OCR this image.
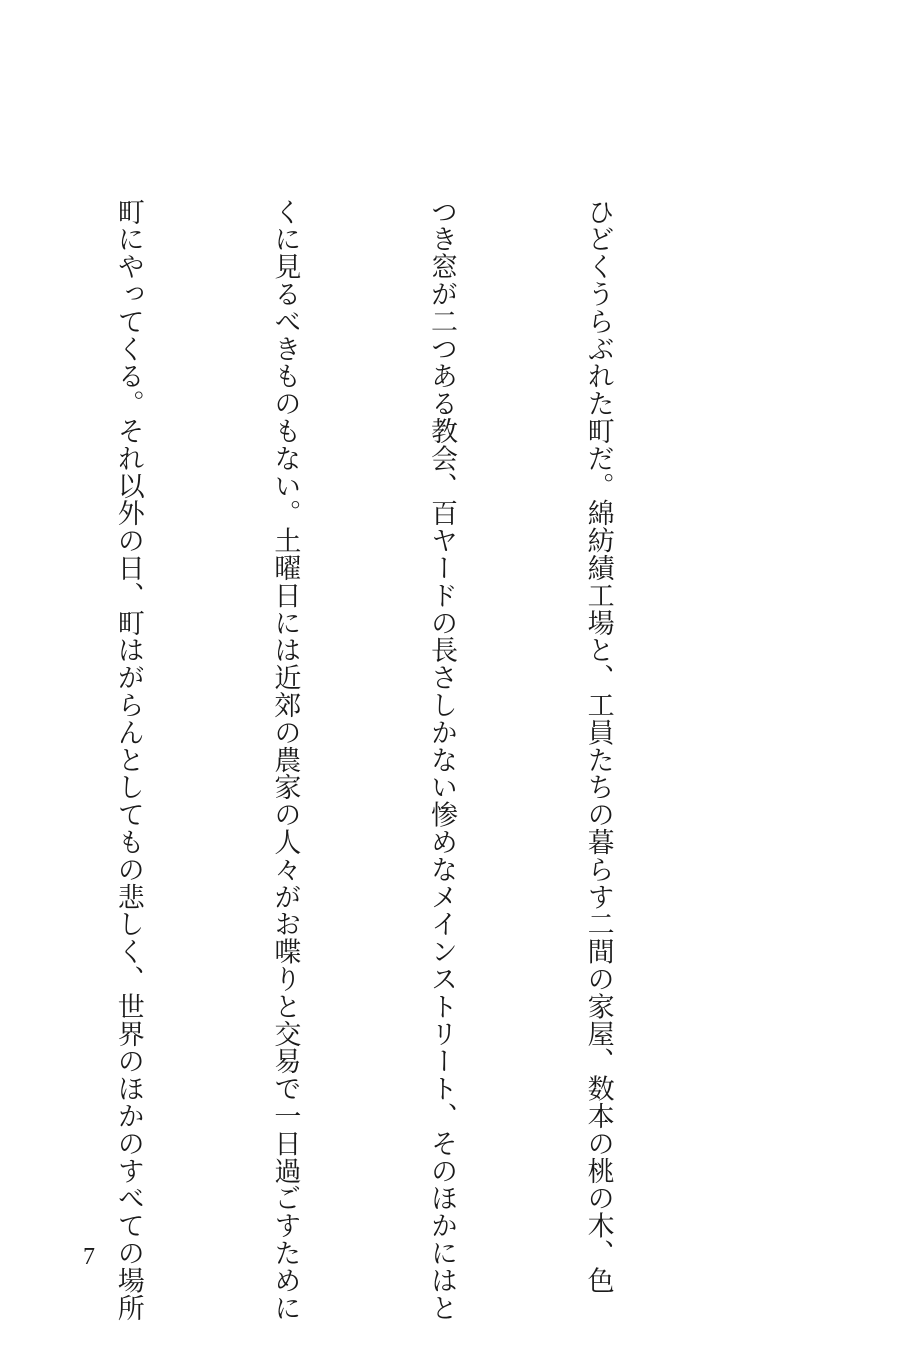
ひどくうらぶれた町だ。綿紡績工場と、工員たちの暮らす二間の家屋、数本の桃の木、色

つき窓が二つある教会、百ヤードの長さしかない惨めなメインストリート、そのほかにはと

くに見るべきものもない。土曜日には近郊の農家の人々がお喋りと交易で一日過ごすために

町にやってくる。それ以外の日、町はがらんとしてもの悲しく、世界のほかのすべての場所

7
